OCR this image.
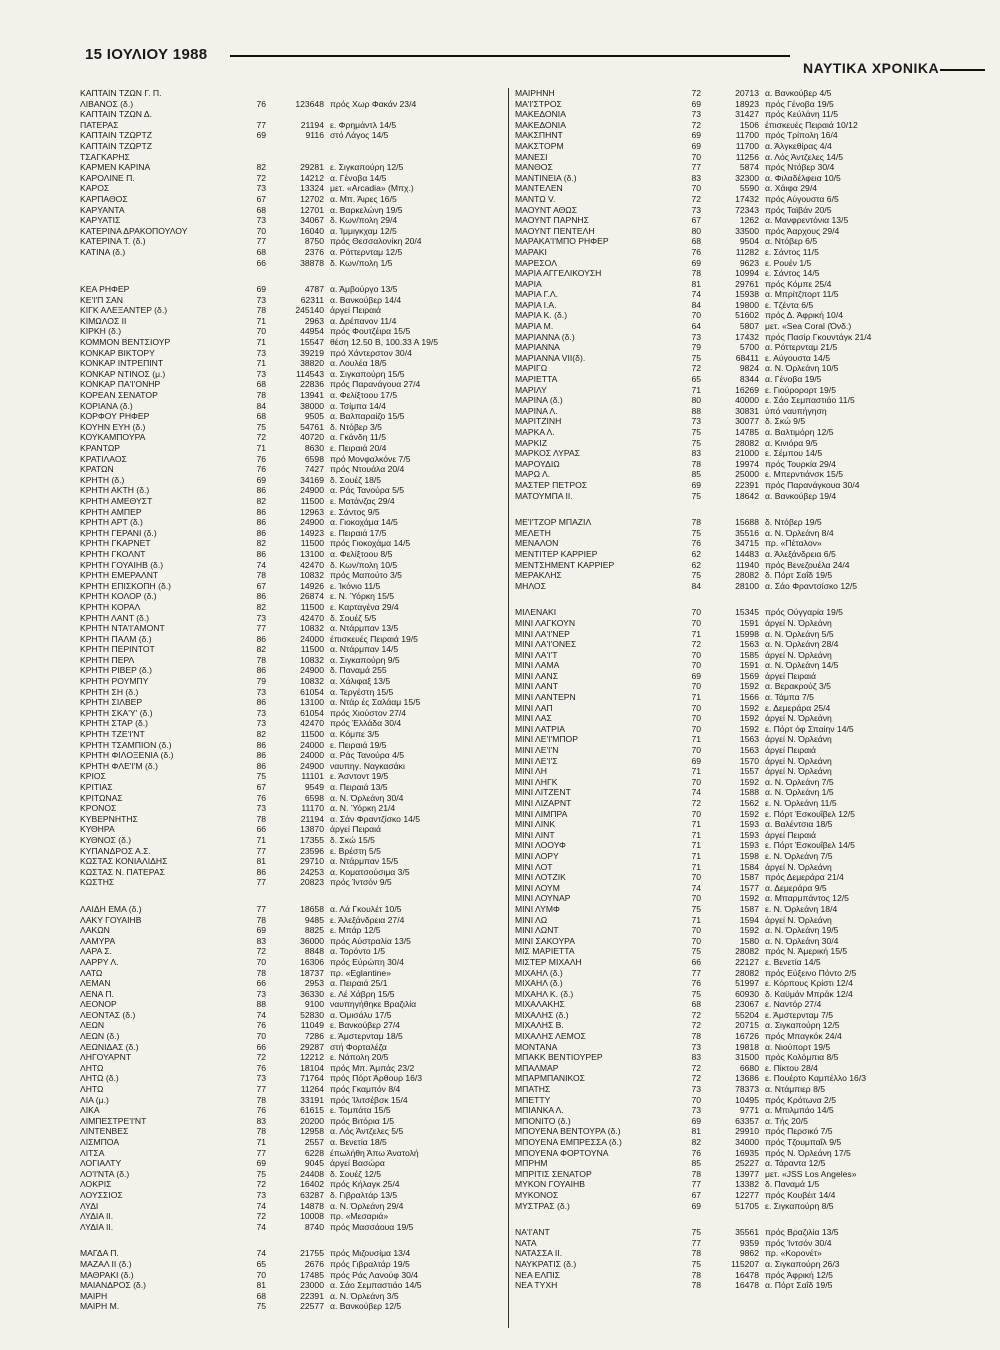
15 ΙΟΥΛΙΟΥ 1988
ΝΑΥΤΙΚΑ ΧΡΟΝΙΚΑ
ΚΑΠΤΑΙΝ ΤΖΩΝ Γ. Π.
ΛΙΒΑΝΟΣ (δ.)	76	123648 πρός Χωρ Φακάν 23/4
ΚΑΠΤΑΙΝ ΤΖΩΝ Δ.
ΠΑΤΕΡΑΣ	77	21194 ε. Φρημάντλ 14/5
ΚΑΠΤΑΙΝ ΤΖΩΡΤΖ	69	9116 στό Λάγος 14/5
ΚΑΠΤΑΙΝ ΤΖΩΡΤΖ
ΤΣΑΓΚΑΡΗΣ
ΚΑΡΜΕΝ ΚΑΡΙΝΑ	82	29281 ε. Σιγκαπούρη 12/5
ΚΑΡΟΛΙΝΕ Π.	72	14212 α. Γένοβα 14/5
ΚΑΡΟΣ	73	13324 μετ. «Arcadia» (Μπχ.)
ΚΑΡΠΑΘΟΣ	67	12702 α. Μπ. Άιρες 16/5
ΚΑΡΥΑΝΤΑ	68	12701 α. Βαρκελώνη 19/5
ΚΑΡΥΑΤΙΣ	73	34067 δ. Κων/πολη 29/4
ΚΑΤΕΡΙΝΑ ΔΡΑΚΟΠΟΥΛΟΥ	70	16040 α. Ίμμιγκχαμ 12/5
ΚΑΤΕΡΙΝΑ Τ. (δ.)	77	8750 πρός Θεσσαλονίκη 20/4
ΚΑΤΙΝΑ (δ.)	68	2376 α. Ρόττερνταμ 12/5
66	38878 δ. Κων/πολη 1/5
ΚΕΑ ΡΗΦΕΡ	69	4787 α. Άμβούργο 13/5
ΚΕ'Ι'Π ΣΑΝ	73	62311 α. Βανκούβερ 14/4
ΚΙΓΚ ΑΛΕΞΑΝΤΕΡ (δ.)	78	245140 άργεί Πειραιά
ΚΙΜΩΛΟΣ ΙΙ	71	2963 α. Δρέπανον 11/4
ΚΙΡΚΗ (δ.)	70	44954 πρός Φουτζέιρα 15/5
ΚΟΜΜΟΝ ΒΕΝΤΣΙΟΥΡ	71	15547 θέση 12.50 Β, 100.33 Α 19/5
ΚΟΝΚΑΡ ΒΙΚΤΟΡΥ	73	39219 πρό Χάντερστον 30/4
ΚΟΝΚΑΡ ΙΝΤΡΕΠΙΝΤ	71	38820 α. Λουλέα 18/5
ΚΟΝΚΑΡ ΝΤΙΝΟΣ (μ.)	73	114543 α. Σιγκαπούρη 15/5
ΚΟΝΚΑΡ ΠΑ'Ι'ΟΝΗΡ	68	22836 πρός Παρανάγουα 27/4
ΚΟΡΕΑΝ ΣΕΝΑΤΟΡ	78	13941 α. Φελίξτοου 17/5
ΚΟΡΙΑΝΑ (δ.)	84	38000 α. Τσίμπα 14/4
ΚΟΡΦΟΥ ΡΗΦΕΡ	68	9505 α. Βαλπαραίζο 15/5
ΚΟΥΗΝ ΕΥΗ (δ.)	75	54761 δ. Ντόβερ 3/5
ΚΟΥΚΑΜΠΟΥΡΑ	72	40720 α. Γκάνδη 11/5
ΚΡΑΝΤΩΡ	71	8630 ε. Πειραιά 20/4
ΚΡΑΤΙΛΑΟΣ	76	6598 πρό Μονφαλκόνε 7/5
ΚΡΑΤΩΝ	76	7427 πρός Ντουάλα 20/4
ΚΡΗΤΗ (δ.)	69	34169 δ. Σουέζ 18/5
ΚΡΗΤΗ ΑΚΤΗ (δ.)	86	24900 α. Ράς Τανούρα 5/5
ΚΡΗΤΗ ΑΜΕΘΥΣΤ	82	11500 ε. Ματάνζας 29/4
ΚΡΗΤΗ ΑΜΠΕΡ	86	12963 ε. Σάντος 9/5
ΚΡΗΤΗ ΑΡΤ (δ.)	86	24900 α. Γιοκοχάμα 14/5
ΚΡΗΤΗ ΓΕΡΑΝΙ (δ.)	86	14923 ε. Πειραιά 17/5
ΚΡΗΤΗ ΓΚΑΡΝΕΤ	82	11500 πρός Γιοκοχάμα 14/5
ΚΡΗΤΗ ΓΚΟΛΝΤ	86	13100 α. Φελίξτοου 8/5
ΚΡΗΤΗ ΓΟΥΑΙΗΒ (δ.)	74	42470 δ. Κων/πολη 10/5
ΚΡΗΤΗ ΕΜΕΡΑΛΝΤ	78	10832 πρός Μαπούτο 3/5
ΚΡΗΤΗ ΕΠΙΣΚΟΠΗ (δ.)	67	14926 ε. Ίκόνιο 11/5
ΚΡΗΤΗ ΚΟΛΟΡ (δ.)	86	26874 ε. Ν. Ύόρκη 15/5
ΚΡΗΤΗ ΚΟΡΑΛ	82	11500 ε. Καρταγένα 29/4
ΚΡΗΤΗ ΛΑΝΤ (δ.)	73	42470 δ. Σουέζ 5/5
ΚΡΗΤΗ ΝΤΑ'Ι'ΑΜΟΝΤ	77	10832 α. Ντάρμπαν 13/5
ΚΡΗΤΗ ΠΑΛΜ (δ.)	86	24000 έπισκευές Πειραιά 19/5
ΚΡΗΤΗ ΠΕΡΙΝΤΟΤ	82	11500 α. Ντάρμπαν 14/5
ΚΡΗΤΗ ΠΕΡΛ	78	10832 α. Σιγκαπούρη 9/5
ΚΡΗΤΗ ΡΙΒΕΡ (δ.)	86	24900 δ. Παναμά 255
ΚΡΗΤΗ ΡΟΥΜΠΥ	79	10832 α. Χάλιφαξ 13/5
ΚΡΗΤΗ ΣΗ (δ.)	73	61054 α. Τεργέστη 15/5
ΚΡΗΤΗ ΣΙΛΒΕΡ	86	13100 α. Ντάρ ές Σαλάαμ 15/5
ΚΡΗΤΗ ΣΚΑ'Υ' (δ.)	73	61054 πρός Χιούστον 27/4
ΚΡΗΤΗ ΣΤΑΡ (δ.)	73	42470 πρός Έλλάδα 30/4
ΚΡΗΤΗ ΤΖΕ'Ι'ΝΤ	82	11500 α. Κόμπε 3/5
ΚΡΗΤΗ ΤΣΑΜΠΙΟΝ (δ.)	86	24000 ε. Πειραιά 19/5
ΚΡΗΤΗ ΦΙΛΟΞΕΝΙΑ (δ.)	86	24000 α. Ράς Τανούρα 4/5
ΚΡΗΤΗ ΦΛΕ'Ι'Μ (δ.)	86	24900 ναυπηγ. Ναγκασάκι
ΚΡΙΟΣ	75	11101 ε. Άσντοντ 19/5
ΚΡΙΤΙΑΣ	67	9549 α. Πειραιά 13/5
ΚΡΙΤΩΝΑΣ	76	6598 α. Ν. Όρλεάνη 30/4
ΚΡΟΝΟΣ	73	11170 α. Ν. Ύόρκη 21/4
ΚΥΒΕΡΝΗΤΗΣ	78	21194 α. Σάν Φραντζίσκο 14/5
ΚΥΘΗΡΑ	66	13870 άργεί Πειραιά
ΚΥΘΝΟΣ (δ.)	71	17355 δ. Σκώ 15/5
ΚΥΠΑΝΔΡΟΣ Α.Σ.	77	23596 ε. Βρέστη 5/5
ΚΩΣΤΑΣ ΚΟΝΙΑΛΙΔΗΣ	81	29710 α. Ντάρμπαν 15/5
ΚΩΣΤΑΣ Ν. ΠΑΤΕΡΑΣ	86	24253 α. Κοματσούσιμα 3/5
ΚΩΣΤΗΣ	77	20823 πρός Ίντσόν 9/5
ΛΑΙΔΗ ΕΜΑ (δ.)	77	18658 α. Λά Γκουλέτ 10/5
ΛΑΚΥ ΓΟΥΑΙΗΒ	78	9485 ε. Άλεξάνδρεια 27/4
ΛΑΚΩΝ	69	8825 ε. Μπάρ 12/5
ΛΑΜΥΡΑ	83	36000 πρός Αύστραλία 13/5
ΛΑΡΑ Σ.	72	8848 α. Τορόντο 1/5
ΛΑΡΡΥ Λ.	70	16306 πρός Εύρώπη 30/4
ΛΑΤΩ	78	18737 πρ. «Eglantine»
ΛΕΜΑΝ	66	2953 α. Πειραιά 25/1
ΛΕΝΑ Π.	73	36330 ε. Λέ Χάβρη 15/5
ΛΕΟΝΟΡ	88	9100 ναυπηγήθηκε Βραζιλία
ΛΕΟΝΤΑΣ (δ.)	74	52830 α. Όμισάλυ 17/5
ΛΕΩΝ	76	11049 ε. Βανκούβερ 27/4
ΛΕΩΝ (δ.)	70	7286 ε. Άμστερνταμ 18/5
ΛΕΩΝΙΔΑΣ (δ.)	66	29287 στή Φορταλέζα
ΛΗΓΟΥΑΡΝΤ	72	12212 ε. Νάπολη 20/5
ΛΗΤΩ	76	18104 πρός Μπ. Άμπάς 23/2
ΛΗΤΩ (δ.)	73	71764 πρός Πόρτ Άρθουρ 16/3
ΛΗΤΩ	77	11264 πρός Γκαμπόν 8/4
ΛΙΑ (μ.)	78	33191 πρός Ίλιτσέβσκ 15/4
ΛΙΚΑ	76	61615 ε. Τομπάτα 15/5
ΛΙΜΠΕΣΤΡΕ'Ι'ΝΤ	83	20200 πρός Βιτόρια 1/5
ΛΙΝΤΕΝΒΕΣ	78	12958 α. Λός Άντζελες 5/5
ΛΙΣΜΠΟΑ	71	2557 α. Βενετία 18/5
ΛΙΤΣΑ	77	6228 έπωλήθη Άπω Άνατολή
ΛΟΓΙΑΛΤΥ	69	9045 άργεί Βασώρα
ΛΟ'Ι'ΝΤΑ (δ.)	75	24408 δ. Σουέζ 12/5
ΛΟΚΡΙΣ	72	16402 πρός Κήλαγκ 25/4
ΛΟΥΣΣΙΟΣ	73	63287 δ. Γιβραλτάρ 13/5
ΛΥΔΙ	74	14878 α. Ν. Όρλεάνη 29/4
ΛΥΔΙΑ ΙΙ.	72	10008 πρ. «Μεσαριά»
ΛΥΔΙΑ ΙΙ.	74	8740 πρός Μασσάουα 19/5
ΜΑΓΔΑ Π.	74	21755 πρός Μιζουσίμα 13/4
ΜΑΖΑΛ ΙΙ (δ.)	65	2676 πρός Γιβραλτάρ 19/5
ΜΑΘΡΑΚΙ (δ.)	70	17485 πρός Ράς Λανούφ 30/4
ΜΑΙΑΝΔΡΟΣ (δ.)	81	23000 α. Σάο Σεμπαστιάο 14/5
ΜΑΙΡΗ	68	22391 α. Ν. Όρλεάνη 3/5
ΜΑΙΡΗ Μ.	75	22577 α. Βανκούβερ 12/5
ΜΑΙΡΗΝΗ	72	20713 α. Βανκούβερ 4/5
ΜΑ'Ι'ΣΤΡΟΣ	69	18923 πρός Γένοβα 19/5
ΜΑΚΕΔΟΝΙΑ	73	31427 πρός Κεύλάνη 11/5
ΜΑΚΕΔΟΝΙΑ	72	1506 έπισκευές Πειραιά 10/12
ΜΑΚΣΠΗΝΤ	69	11700 πρός Τρίπολη 16/4
ΜΑΚΣΤΟΡΜ	69	11700 α. Άλγκεθίρας 4/4
ΜΑΝΕΣΙ	70	11256 α. Λός Άντζελες 14/5
ΜΑΝΘΟΣ	77	5874 πρός Ντόβερ 30/4
ΜΑΝΤΙΝΕΙΑ (δ.)	83	32300 α. Φιλαδέλφεια 10/5
ΜΑΝΤΕΛΕΝ	70	5590 α. Χάιφα 29/4
ΜΑΝΤΩ V.	72	17432 πρός Αύγουστα 6/5
ΜΑΟΥΝΤ ΑΘΩΣ	73	72343 πρός Ταϊβάν 20/5
ΜΑΟΥΝΤ ΠΑΡΝΗΣ	67	1262 α. Μανφρεντόνια 13/5
ΜΑΟΥΝΤ ΠΕΝΤΕΛΗ	80	33500 πρός Άαρχους 29/4
ΜΑΡΑΚΑ'Ι'ΜΠΟ ΡΗΦΕΡ	68	9504 α. Ντόβερ 6/5
ΜΑΡΑΚΙ	76	11282 ε. Σάντος 11/5
ΜΑΡΕΣΟΛ	69	9623 ε. Ρουέν 1/5
ΜΑΡΙΑ ΑΓΓΕΛΙΚΟΥΣΗ	78	10994 ε. Σάντος 14/5
ΜΑΡΙΑ	81	29761 πρός Κόμπε 25/4
ΜΑΡΙΑ Γ.Λ.	74	15938 α. Μπρίτζπορτ 11/5
ΜΑΡΙΑ Ι.Α.	84	19800 ε. Τζέντα 6/5
ΜΑΡΙΑ Κ. (δ.)	70	51602 πρός Δ. Άφρική 10/4
ΜΑΡΙΑ Μ.	64	5807 μετ. «Sea Coral (Όνδ.)
ΜΑΡΙΑΝΝΑ (δ.)	73	17432 πρός Πασίρ Γκουντάγκ 21/4
ΜΑΡΙΑΝΝΑ	79	5700 α. Ρόττερνταμ 21/5
ΜΑΡΙΑΝΝΑ VII(δ).	75	68411 ε. Αύγουστα 14/5
ΜΑΡΙΓΩ	72	9824 α. Ν. Όρλεάνη 10/5
ΜΑΡΙΕΤΤΑ	65	8344 α. Γένοβα 19/5
ΜΑΡΙΛΥ	71	16269 ε. Γιούρορορτ 19/5
ΜΑΡΙΝΑ (δ.)	80	40000 ε. Σάο Σεμπαστιάο 11/5
ΜΑΡΙΝΑ Λ.	88	30831 ύπό ναυπήγηση
ΜΑΡΙΤΖΙΝΗ	73	30077 δ. Σκώ 9/5
ΜΑΡΚΑ Λ.	75	14785 α. Βαλτιμόρη 12/5
ΜΑΡΚΙΖ	75	28082 α. Κινιόρα 9/5
ΜΑΡΚΟΣ ΛΥΡΑΣ	83	21000 ε. Σέμπου 14/5
ΜΑΡΟΥΔΙΩ	78	19974 πρός Τουρκία 29/4
ΜΑΡΩ Λ.	85	25000 ε. Μπερντιάνσκ 15/5
ΜΑΣΤΕΡ ΠΕΤΡΟΣ	69	22391 πρός Παρανάγκουα 30/4
ΜΑΤΟΥΜΠΑ ΙΙ.	75	18642 α. Βανκούβερ 19/4
ΜΕ'Ι'ΤΖΟΡ ΜΠΑΖΙΛ	78	15688 δ. Ντόβερ 19/5
ΜΕΛΕΤΗ	75	35516 α. Ν. Όρλεάνη 8/4
ΜΕΝΑΛΟΝ	76	34715 πρ. «Πέταλον»
ΜΕΝΤΙΤΕΡ ΚΑΡΡΙΕΡ	62	14483 α. Άλεξάνδρεια 6/5
ΜΕΝΤΣΗΜΕΝΤ ΚΑΡΡΙΕΡ	62	11940 πρός Βενεζουέλα 24/4
ΜΕΡΑΚΛΗΣ	75	28082 δ. Πόρτ Σαΐδ 19/5
ΜΗΛΟΣ	84	28100 α. Σάο Φραντσίσκο 12/5
ΜΙΛΕΝΑΚΙ	70	15345 πρός Ούγγαρία 19/5
ΜΙΝΙ ΛΑΓΚΟΥΝ	70	1591 άργεί Ν. Όρλεάνη
ΜΙΝΙ ΛΑ'Ι'ΝΕΡ	71	15998 α. Ν. Όρλεάνη 5/5
ΜΙΝΙ ΛΑ'Ι'ΟΝΕΣ	72	1563 α. Ν. Όρλεάνη 28/4
ΜΙΝΙ ΛΑ'Ι'Τ	70	1585 άργεί Ν. Όρλεάνη
ΜΙΝΙ ΛΑΜΑ	70	1591 α. Ν. Όρλεάνη 14/5
ΜΙΝΙ ΛΑΝΣ	69	1569 άργεί Πειραιά
ΜΙΝΙ ΛΑΝΤ	70	1592 α. Βερακρούζ 3/5
ΜΙΝΙ ΛΑΝΤΕΡΝ	71	1566 α. Τάμπα 7/5
ΜΙΝΙ ΛΑΠ	70	1592 ε. Δεμεράρα 25/4
ΜΙΝΙ ΛΑΣ	70	1592 άργεί Ν. Όρλεάνη
ΜΙΝΙ ΛΑΤΡΙΑ	70	1592 ε. Πόρτ όφ Σπαίην 14/5
ΜΙΝΙ ΛΕ'Ι'ΜΠΟΡ	71	1563 άργεί Ν. Όρλεάνη
ΜΙΝΙ ΛΕ'Ι'Ν	70	1563 άργεί Πειραιά
ΜΙΝΙ ΛΕ'Ι'Σ	69	1570 άργεί Ν. Όρλεάνη
ΜΙΝΙ ΛΗ	71	1557 άργεί Ν. Όρλεάνη
ΜΙΝΙ ΛΗΓΚ	70	1592 α. Ν. Όρλεάνη 7/5
ΜΙΝΙ ΛΙΤΖΕΝΤ	74	1588 α. Ν. Όρλεάνη 1/5
ΜΙΝΙ ΛΙΖΑΡΝΤ	72	1562 ε. Ν. Όρλεάνη 11/5
ΜΙΝΙ ΛΙΜΠΡΑ	70	1592 ε. Πόρτ Έσκουΐβελ 12/5
ΜΙΝΙ ΛΙΝΚ	71	1593 α. Βαλέντσια 18/5
ΜΙΝΙ ΛΙΝΤ	71	1593 άργεί Πειραιά
ΜΙΝΙ ΛΟΟΥΦ	71	1593 ε. Πόρτ Έσκουΐβελ 14/5
ΜΙΝΙ ΛΟΡΥ	71	1598 ε. Ν. Όρλεάνη 7/5
ΜΙΝΙ ΛΟΤ	71	1584 άργεί Ν. Όρλεάνη
ΜΙΝΙ ΛΟΤΖΙΚ	70	1587 πρός Δεμεράρα 21/4
ΜΙΝΙ ΛΟΥΜ	74	1577 α. Δεμεράρα 9/5
ΜΙΝΙ ΛΟΥΝΑΡ	70	1592 α. Μπαρμπάντος 12/5
ΜΙΝΙ ΛΥΜΦ	75	1587 ε. Ν. Όρλεάνη 18/4
ΜΙΝΙ ΛΩ	71	1594 άργεί Ν. Όρλεάνη
ΜΙΝΙ ΛΩΝΤ	70	1592 α. Ν. Όρλεάνη 19/5
ΜΙΝΙ ΣΑΚΟΥΡΑ	70	1580 α. Ν. Όρλεάνη 30/4
ΜΙΣ ΜΑΡΙΕΤΤΑ	75	28082 πρός Ν. Άμερική 15/5
ΜΙΣΤΕΡ ΜΙΧΑΛΗ	66	22127 ε. Βενετία 14/5
ΜΙΧΑΗΛ (δ.)	77	28082 πρός Εύξεινο Πόντο 2/5
ΜΙΧΑΗΛ (δ.)	76	51997 ε. Κόρπους Κρίστι 12/4
ΜΙΧΑΗΛ Κ. (δ.)	75	60930 δ. Καϋμάν Μπράκ 12/4
ΜΙΧΑΛΑΚΗΣ	68	23067 ε. Ναντόρ 27/4
ΜΙΧΑΛΗΣ (δ.)	72	55204 ε. Άμστερνταμ 7/5
ΜΙΧΑΛΗΣ Β.	72	20715 α. Σιγκαπούρη 12/5
ΜΙΧΑΛΗΣ ΛΕΜΟΣ	78	16726 πρός Μπαγκόκ 24/4
ΜΟΝΤΑΝΑ	73	19818 α. Νιούπορτ 19/5
ΜΠΑΚΚ ΒΕΝΤΙΟΥΡΕΡ	83	31500 πρός Κολόμπια 8/5
ΜΠΑΛΜΑΡ	72	6680 ε. Πίκτου 28/4
ΜΠΑΡΜΠΑΝΙΚΟΣ	72	13686 ε. Πουέρτο Καμπέλλο 16/3
ΜΠΑΤΗΣ	73	78373 α. Ντάμπιερ 8/5
ΜΠΕΤΤΥ	70	10495 πρός Κρότωνα 2/5
ΜΠΙΑΝΚΑ Λ.	73	9771 α. Μπιλμπάο 14/5
ΜΠΟΝΙΤΟ (δ.)	69	63357 α. Τής 20/5
ΜΠΟΥΕΝΑ ΒΕΝΤΟΥΡΑ (δ.)	81	29910 πρός Περσικό 7/5
ΜΠΟΥΕΝΑ ΕΜΠΡΕΣΣΑ (δ.)	82	34000 πρός Τζουμπαΐλ 9/5
ΜΠΟΥΕΝΑ ΦΟΡΤΟΥΝΑ	76	16935 πρός Ν. Όρλεάνη 17/5
ΜΠΡΗΜ	85	25227 α. Τάραντα 12/5
ΜΠΡΙΤΙΣ ΣΕΝΑΤΟΡ	78	13977 μετ. «JSS Los Angeles»
ΜΥΚΟΝ ΓΟΥΑΙΗΒ	77	13382 δ. Παναμά 1/5
ΜΥΚΟΝΟΣ	67	12277 πρός Κουβέιτ 14/4
ΜΥΣΤΡΑΣ (δ.)	69	51705 ε. Σιγκαπούρη 8/5
ΝΑ'Ι'ΑΝΤ	75	35561 πρός Βραζιλία 13/5
ΝΑΤΑ	77	9359 πρός Ίντσόν 30/4
ΝΑΤΑΣΣΑ ΙΙ.	78	9862 πρ. «Κορονέτ»
ΝΑΥΚΡΑΤΙΣ (δ.)	75	115207 α. Σιγκαπούρη 26/3
ΝΕΑ ΕΛΠΙΣ	78	16478 πρός Άφρική 12/5
ΝΕΑ ΤΥΧΗ	78	16478 α. Πόρτ Σαΐδ 19/5
